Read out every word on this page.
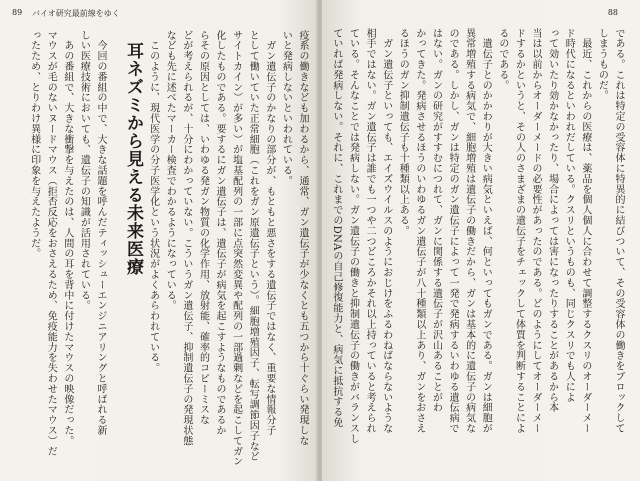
89 バイオ研究最前線をゆく
疫系の働きなども加わるから、通常、ガン遺伝子が少なくとも五つから十ぐらい発現しな
いと発病しないといわれている。
　ガン遺伝子のかなりの部分が、もともと悪さをする遺伝子ではなく、重要な情報分子
として働いていた正常細胞（これをガン原遺伝子という）。細胞増殖因子、転写調節因子など
サイトカイン）が多い）が塩基配列の一部に点突然変異や配列の一部過剰などを起こしてガン
化したものである。要するにガン遺伝子は、遺伝子が病気を起こすようなものであるか
らその原因としては、いわゆる発ガン物質の化学作用、放射能、確率的コピーミスな
どが考えられるが、十分にわかっていない。こういうガン遺伝子、抑制遺伝子の発現状態
なども先に述べたマーカー検査でわかるようになっている。
　このように、現代医学の分子医学化という状況がよくあらわれている。
耳ネズミから見える未来医療
　今回の番組の中で、大きな話題を呼んだティッシューエンジニアリングと呼ばれる新
しい医療技術においても、遺伝子の知識が活用されている。
　あの番組で、大きな衝撃を与えたのは、人間の耳を背中に付けたマウスの映像だった。
マウスが毛のないヌードマウス（拒否反応をおさえるため、免疫能力を失わせたマウス）だ
ったため、とりわけ異様に印象を与えたようだ。
88
である。これは特定の受容体に特異的に結びついて、その受容体の働きをブロックして
しまうものだ。
　最近、これからの医療は、薬品を個人個人に合わせて調整するクスリのオーダーメー
ド時代になるといわれだしている。クスリというものも、同じクスリでも人によ
って効いたり効かなかったり、場合によっては害になったりすることがあるから本
当は以前からオーダーメードの必要性があったのである。どのようにしてオーダーメー
ドするかというと、その人のさまざまの遺伝子をチェックして体質を判断することによ
るのである。
　遺伝子とのかかわりが大きい病気といえば、何といってもガンである。ガンは細胞が
異常増殖する病気で、細胞増殖は遺伝子の働きだから、ガンは基本的に遺伝子の病気な
のである。しかし、ガンは特定のガン遺伝子によって一発で発病するいわゆる遺伝病で
はない。ガンの研究がすすむにつれて、ガンに関係する遺伝子が沢山あることがわ
かってきた。発病させるほうのいわゆるガン遺伝子が八十種類以上あり、ガンをおさえ
るほうのガン抑制遺伝子も十種類以上ある。
　ガン遺伝子といっても、エイズウイルスのようにおじけをふるわねばならないような
相手ではない。ガン遺伝子は誰でも一つや二つどころかそれ以上持っていると考えられ
ている。そんなことでは発病しない。ガン遺伝子の働きと抑制遺伝子の働きがバランスし
ていれば発病しない。それに、これまでのDNAの自己修復能力と、病気に抵抗する免
